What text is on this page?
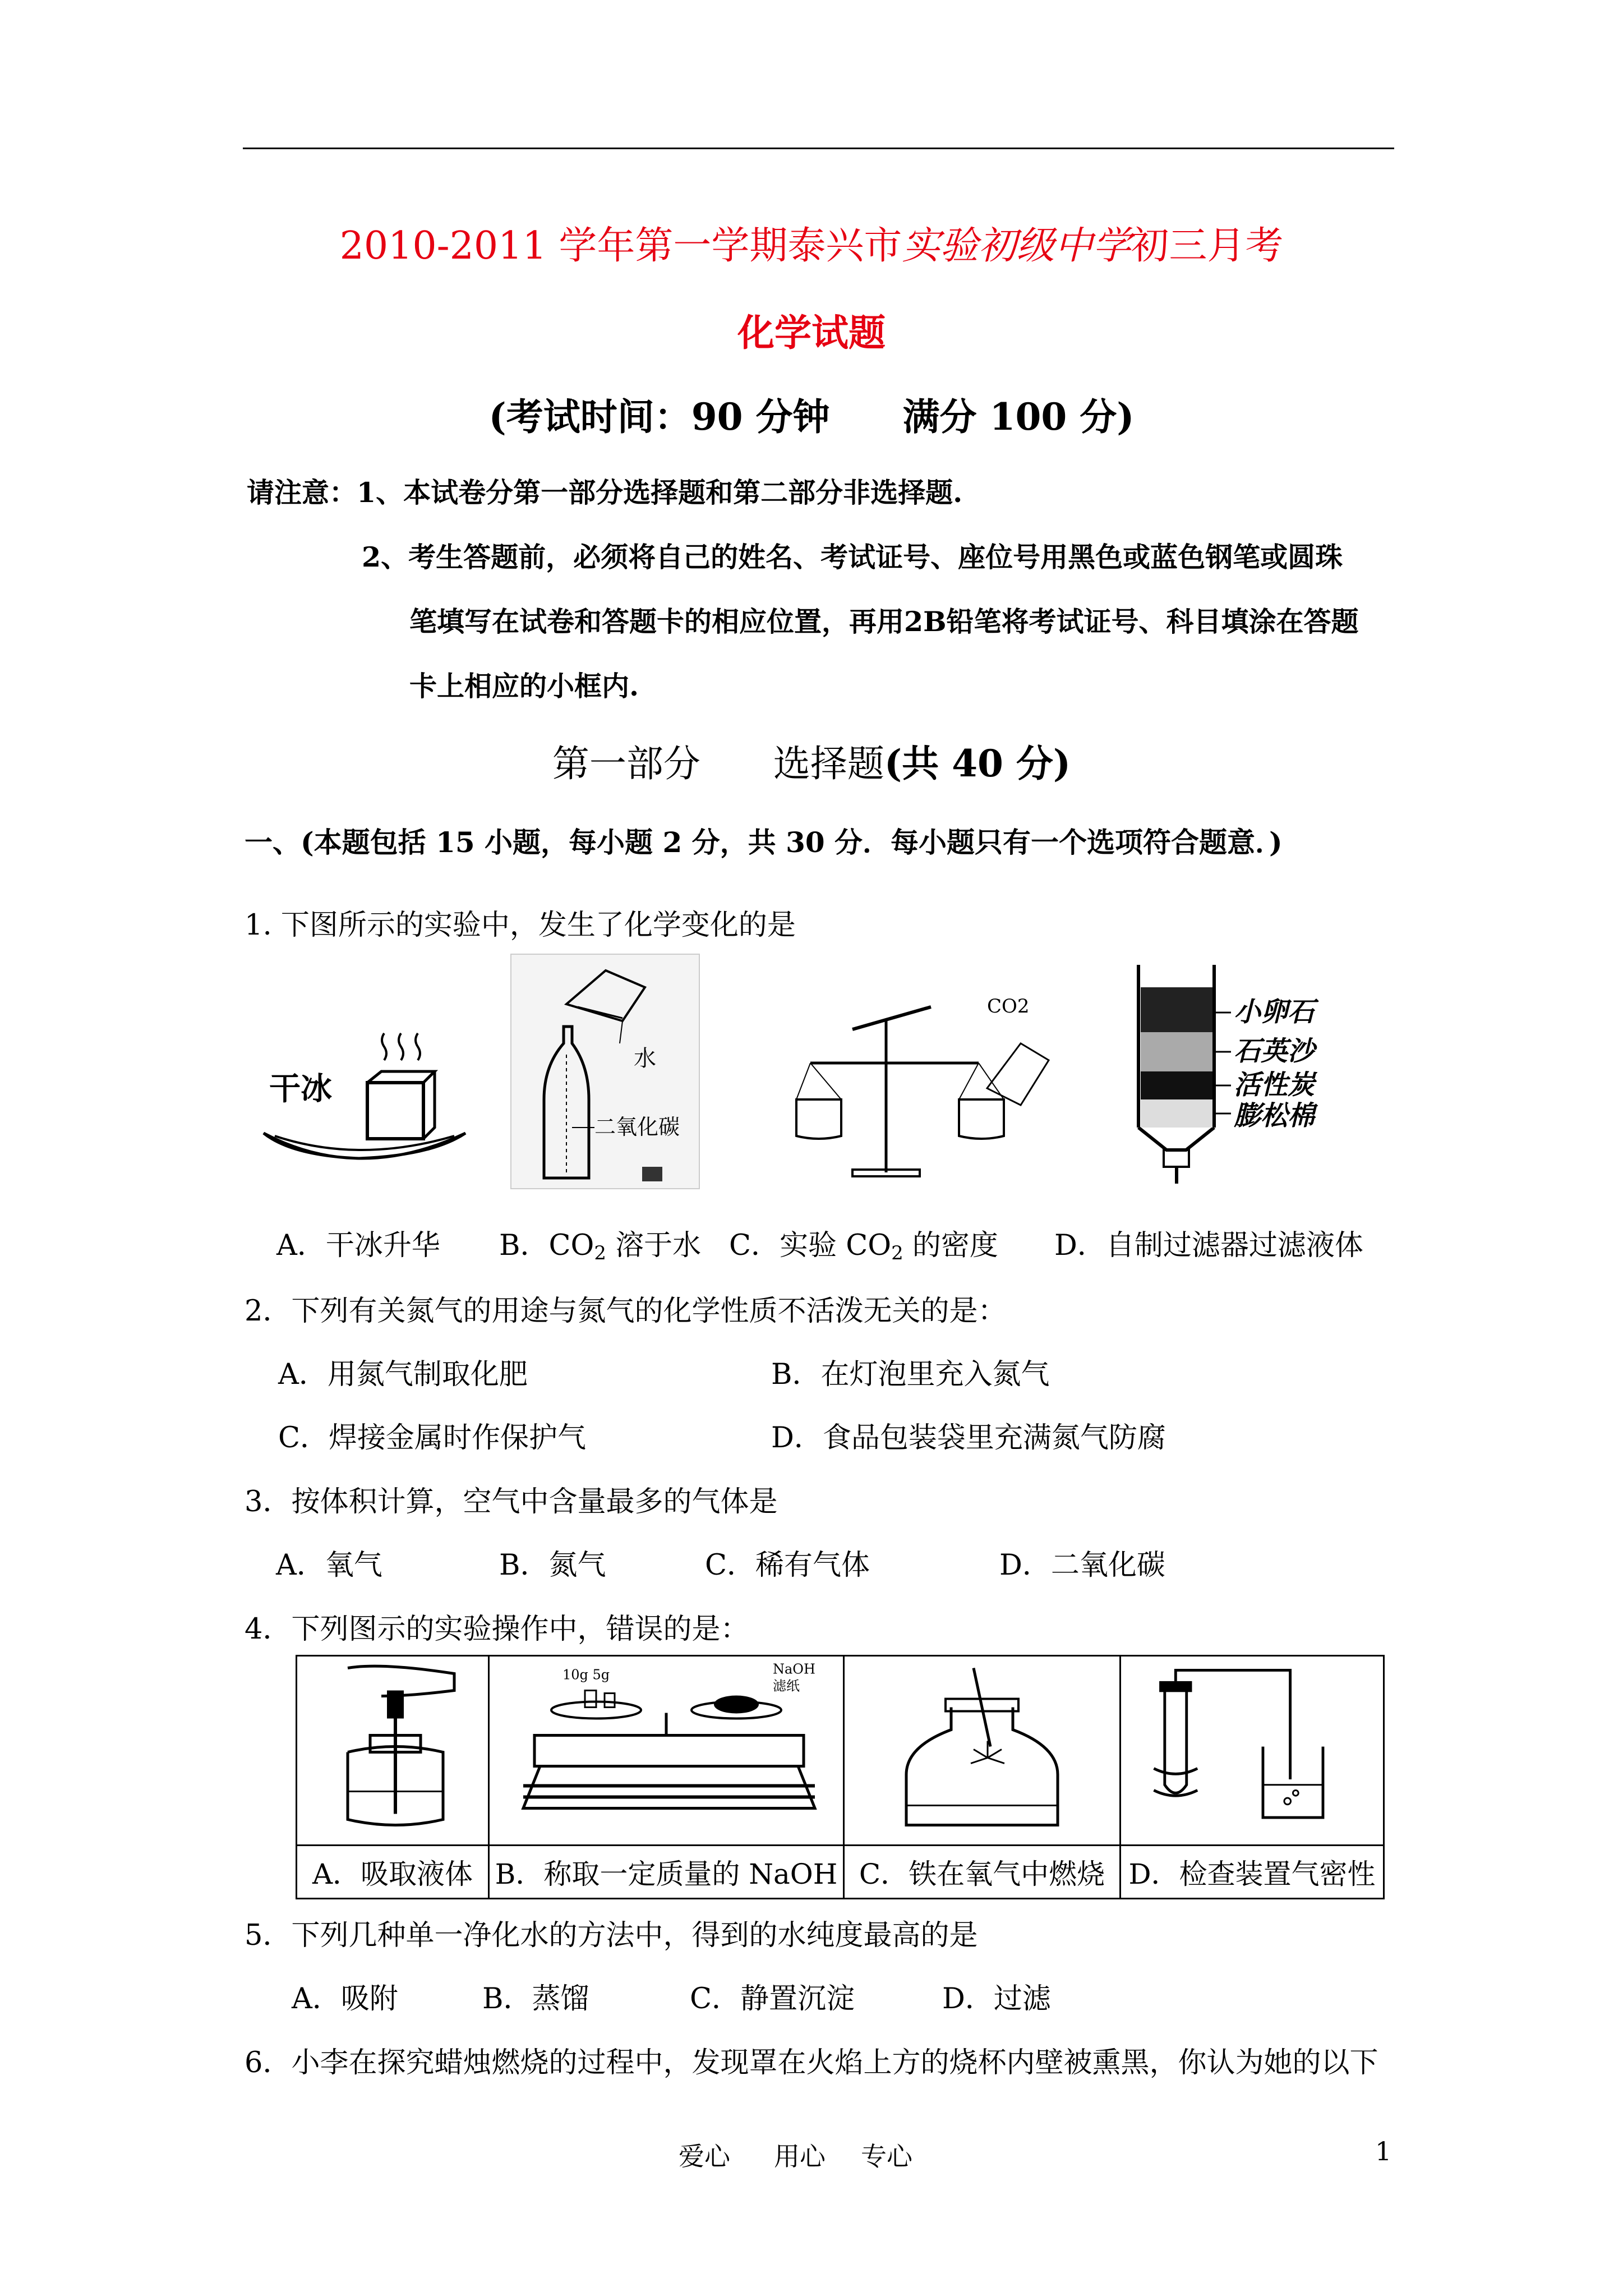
2010-2011 学年第一学期泰兴市实验初级中学初三月考
化学试题
(考试时间：90 分钟 满分 100 分)
请注意：1、本试卷分第一部分选择题和第二部分非选择题.
2、考生答题前，必须将自己的姓名、考试证号、座位号用黑色或蓝色钢笔或圆珠
笔填写在试卷和答题卡的相应位置，再用2B铅笔将考试证号、科目填涂在答题
卡上相应的小框内.
第一部分 选择题(共 40 分)
一、(本题包括 15 小题，每小题 2 分，共 30 分．每小题只有一个选项符合题意．)
1. 下图所示的实验中，发生了化学变化的是
干冰
水
二氧化碳
CO2	小卵石
石英沙
活性炭
膨松棉
A．干冰升华 B．$CO_2$ 溶于水 C．实验 $CO_2$ 的密度 D．自制过滤器过滤液体
2．下列有关氮气的用途与氮气的化学性质不活泼无关的是：
A．用氮气制取化肥	B．在灯泡里充入氮气
C．焊接金属时作保护气	D．食品包装袋里充满氮气防腐
3．按体积计算，空气中含量最多的气体是
A．氧气	B．氮气	C．稀有气体	D．二氧化碳
4．下列图示的实验操作中，错误的是：

10g 5g NaOH
滤纸

A．吸取液体	B．称取一定质量的 NaOH	C．铁在氧气中燃烧	D．检查装置气密性
5．下列几种单一净化水的方法中，得到的水纯度最高的是
A．吸附	B．蒸馏	C．静置沉淀	D．过滤
6．小李在探究蜡烛燃烧的过程中，发现罩在火焰上方的烧杯内壁被熏黑，你认为她的以下
爱心 用心 专心	1
